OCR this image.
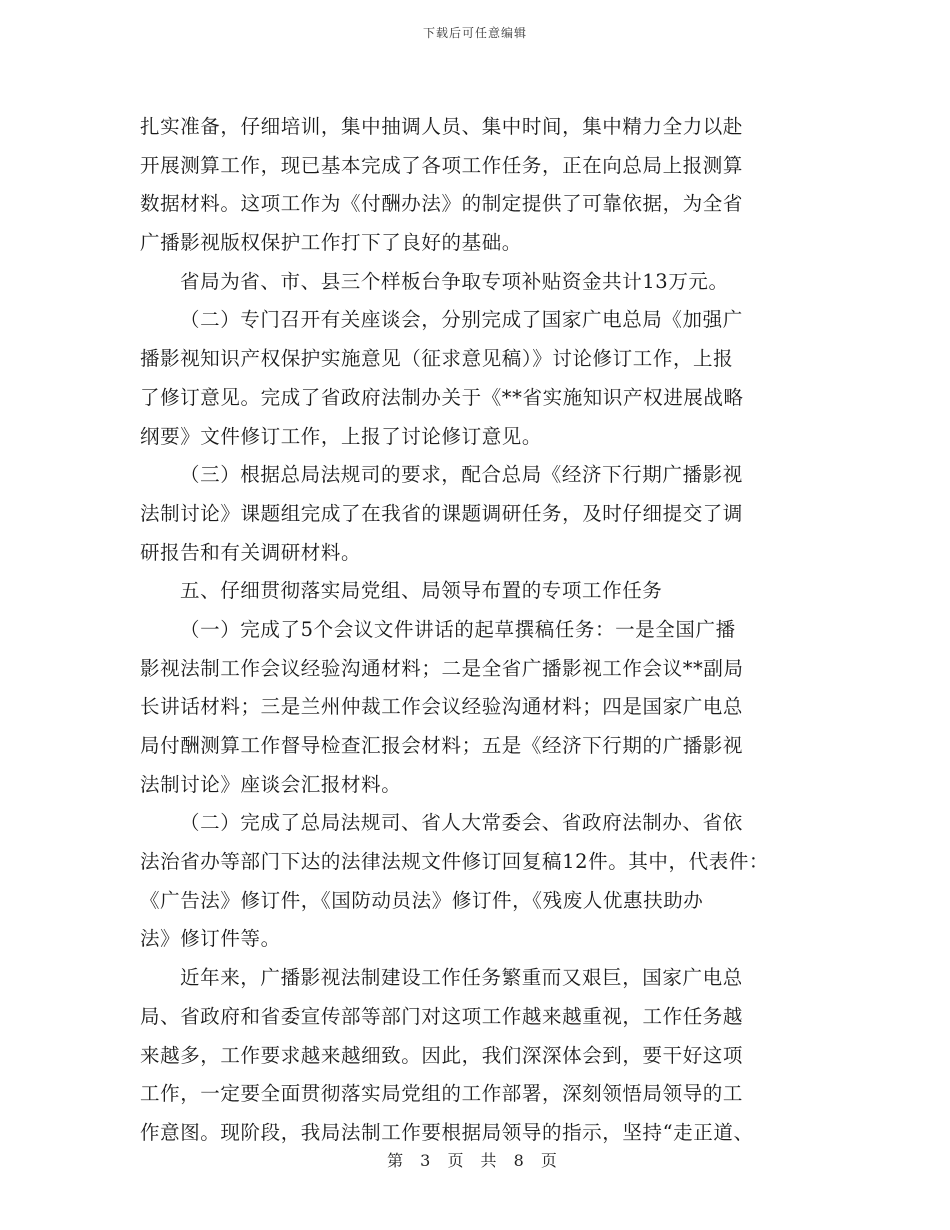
下载后可任意编辑
扎实准备，仔细培训，集中抽调人员、集中时间，集中精力全力以赴
开展测算工作，现已基本完成了各项工作任务，正在向总局上报测算
数据材料。这项工作为《付酬办法》的制定提供了可靠依据，为全省
广播影视版权保护工作打下了良好的基础。
省局为省、市、县三个样板台争取专项补贴资金共计13万元。
（二）专门召开有关座谈会，分别完成了国家广电总局《加强广
播影视知识产权保护实施意见（征求意见稿）》讨论修订工作，上报
了修订意见。完成了省政府法制办关于《**省实施知识产权进展战略
纲要》文件修订工作，上报了讨论修订意见。
（三）根据总局法规司的要求，配合总局《经济下行期广播影视
法制讨论》课题组完成了在我省的课题调研任务，及时仔细提交了调
研报告和有关调研材料。
五、仔细贯彻落实局党组、局领导布置的专项工作任务
（一）完成了5个会议文件讲话的起草撰稿任务：一是全国广播
影视法制工作会议经验沟通材料；二是全省广播影视工作会议**副局
长讲话材料；三是兰州仲裁工作会议经验沟通材料；四是国家广电总
局付酬测算工作督导检查汇报会材料；五是《经济下行期的广播影视
法制讨论》座谈会汇报材料。
（二）完成了总局法规司、省人大常委会、省政府法制办、省依
法治省办等部门下达的法律法规文件修订回复稿12件。其中，代表件：
《广告法》修订件，《国防动员法》修订件，《残废人优惠扶助办
法》修订件等。
近年来，广播影视法制建设工作任务繁重而又艰巨，国家广电总
局、省政府和省委宣传部等部门对这项工作越来越重视，工作任务越
来越多，工作要求越来越细致。因此，我们深深体会到，要干好这项
工作，一定要全面贯彻落实局党组的工作部署，深刻领悟局领导的工
作意图。现阶段，我局法制工作要根据局领导的指示，坚持“走正道、
第 3 页 共 8 页
